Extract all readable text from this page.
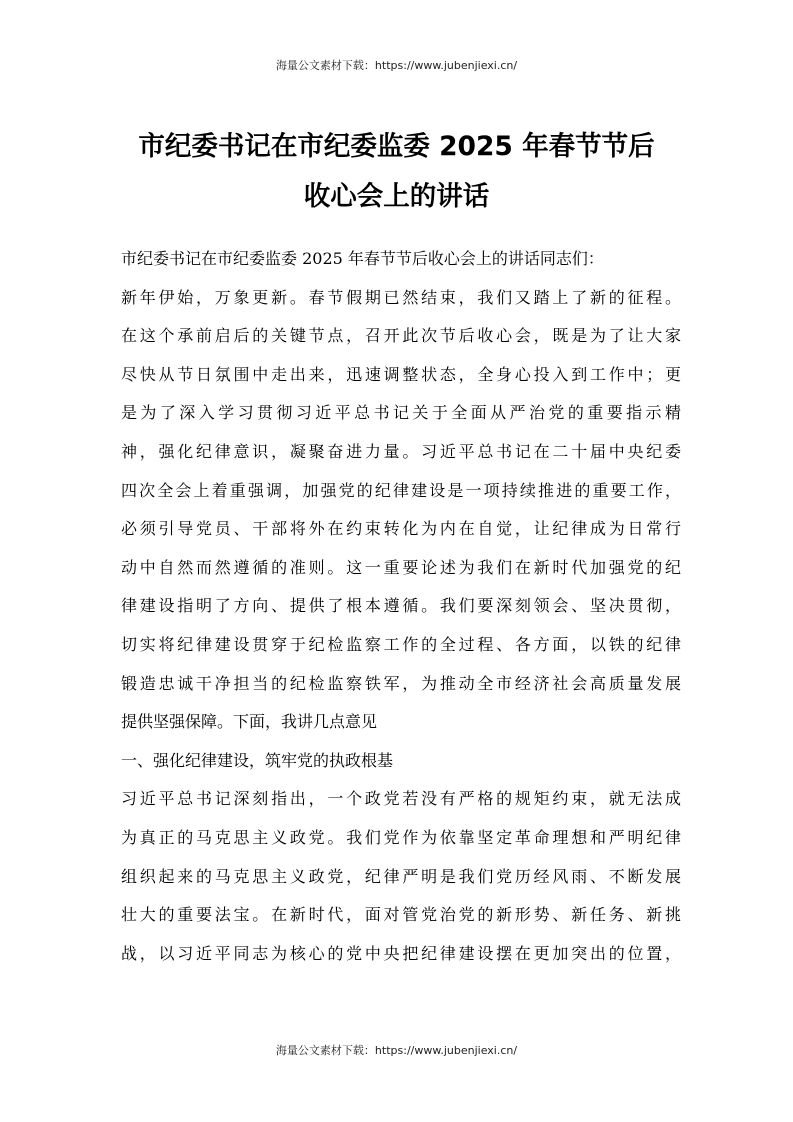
海量公文素材下载：https://www.jubenjiexi.cn/
市纪委书记在市纪委监委 2025 年春节节后
收心会上的讲话
市纪委书记在市纪委监委 2025 年春节节后收心会上的讲话同志们：
新年伊始，万象更新。春节假期已然结束，我们又踏上了新的征程。
在这个承前启后的关键节点，召开此次节后收心会，既是为了让大家
尽快从节日氛围中走出来，迅速调整状态，全身心投入到工作中；更
是为了深入学习贯彻习近平总书记关于全面从严治党的重要指示精
神，强化纪律意识，凝聚奋进力量。习近平总书记在二十届中央纪委
四次全会上着重强调，加强党的纪律建设是一项持续推进的重要工作，
必须引导党员、干部将外在约束转化为内在自觉，让纪律成为日常行
动中自然而然遵循的准则。这一重要论述为我们在新时代加强党的纪
律建设指明了方向、提供了根本遵循。我们要深刻领会、坚决贯彻，
切实将纪律建设贯穿于纪检监察工作的全过程、各方面，以铁的纪律
锻造忠诚干净担当的纪检监察铁军，为推动全市经济社会高质量发展
提供坚强保障。下面，我讲几点意见
一、强化纪律建设，筑牢党的执政根基
习近平总书记深刻指出，一个政党若没有严格的规矩约束，就无法成
为真正的马克思主义政党。我们党作为依靠坚定革命理想和严明纪律
组织起来的马克思主义政党，纪律严明是我们党历经风雨、不断发展
壮大的重要法宝。在新时代，面对管党治党的新形势、新任务、新挑
战，以习近平同志为核心的党中央把纪律建设摆在更加突出的位置，
海量公文素材下载：https://www.jubenjiexi.cn/
